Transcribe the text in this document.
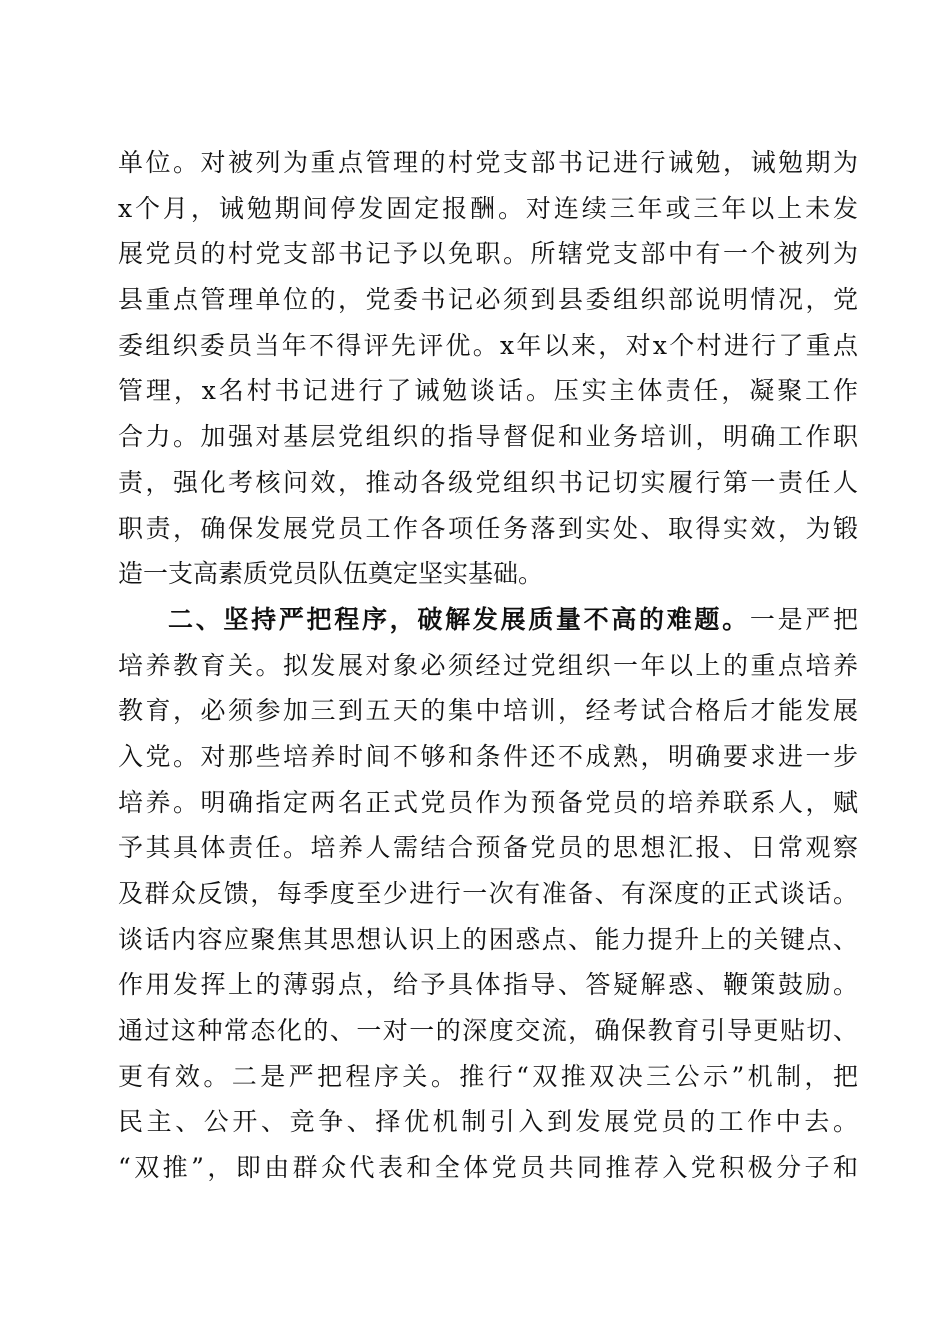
单位。对被列为重点管理的村党支部书记进行诫勉，诫勉期为
x个月，诫勉期间停发固定报酬。对连续三年或三年以上未发
展党员的村党支部书记予以免职。所辖党支部中有一个被列为
县重点管理单位的，党委书记必须到县委组织部说明情况，党
委组织委员当年不得评先评优。x年以来，对x个村进行了重点
管理，x名村书记进行了诫勉谈话。压实主体责任，凝聚工作
合力。加强对基层党组织的指导督促和业务培训，明确工作职
责，强化考核问效，推动各级党组织书记切实履行第一责任人
职责，确保发展党员工作各项任务落到实处、取得实效，为锻
造一支高素质党员队伍奠定坚实基础。
二、坚持严把程序，破解发展质量不高的难题。一是严把
培养教育关。拟发展对象必须经过党组织一年以上的重点培养
教育，必须参加三到五天的集中培训，经考试合格后才能发展
入党。对那些培养时间不够和条件还不成熟，明确要求进一步
培养。明确指定两名正式党员作为预备党员的培养联系人，赋
予其具体责任。培养人需结合预备党员的思想汇报、日常观察
及群众反馈，每季度至少进行一次有准备、有深度的正式谈话。
谈话内容应聚焦其思想认识上的困惑点、能力提升上的关键点、
作用发挥上的薄弱点，给予具体指导、答疑解惑、鞭策鼓励。
通过这种常态化的、一对一的深度交流，确保教育引导更贴切、
更有效。二是严把程序关。推行“双推双决三公示”机制，把
民主、公开、竞争、择优机制引入到发展党员的工作中去。
“双推”，即由群众代表和全体党员共同推荐入党积极分子和
